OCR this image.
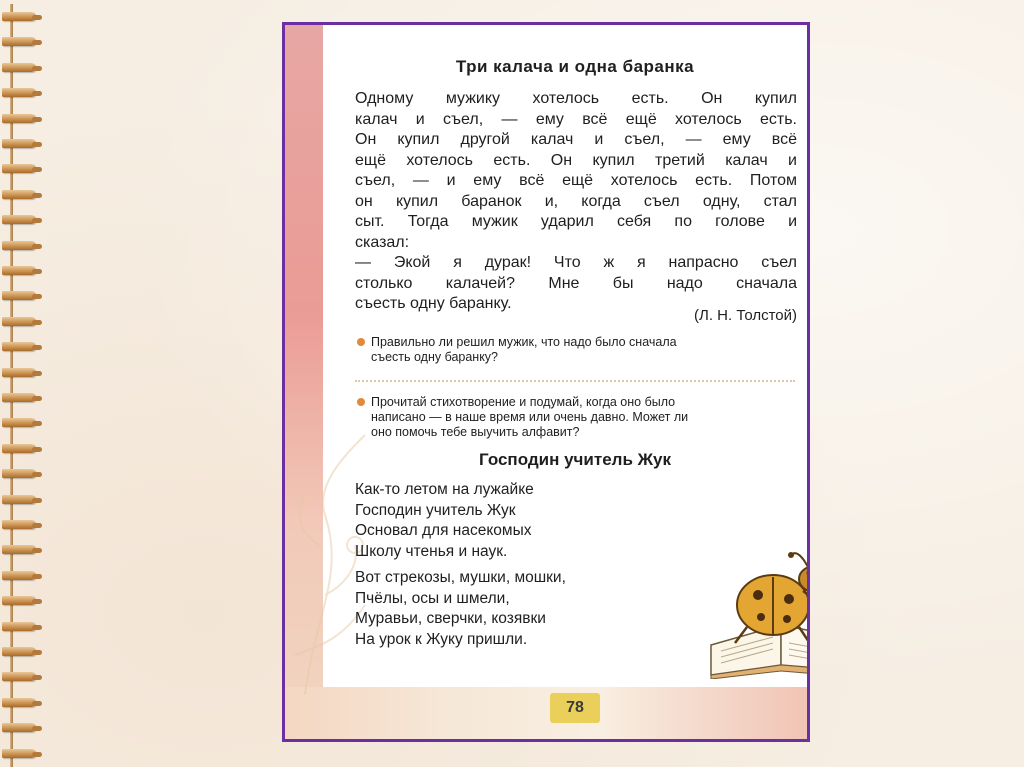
Три калача и одна баранка

Одному мужику хотелось есть. Он купил

калач и съел, — ему всё ещё хотелось есть.

Он купил другой калач и съел, — ему всё

ещё хотелось есть. Он купил третий калач и

съел, — и ему всё ещё хотелось есть. Потом

он купил баранок и, когда съел одну, стал

сыт. Тогда мужик ударил себя по голове и

сказал:

— Экой я дурак! Что ж я напрасно съел

столько калачей? Мне бы надо сначала

съесть одну баранку.

(Л. Н. Толстой)
Правильно ли решил мужик, что надо было сначала
съесть одну баранку?
Прочитай стихотворение и подумай, когда оно было
написано — в наше время или очень давно. Может ли
оно помочь тебе выучить алфавит?
Господин учитель Жук
Как-то летом на лужайке
Господин учитель Жук
Основал для насекомых
Школу чтенья и наук.
Вот стрекозы, мушки, мошки,
Пчёлы, осы и шмели,
Муравьи, сверчки, козявки
На урок к Жуку пришли.
78
